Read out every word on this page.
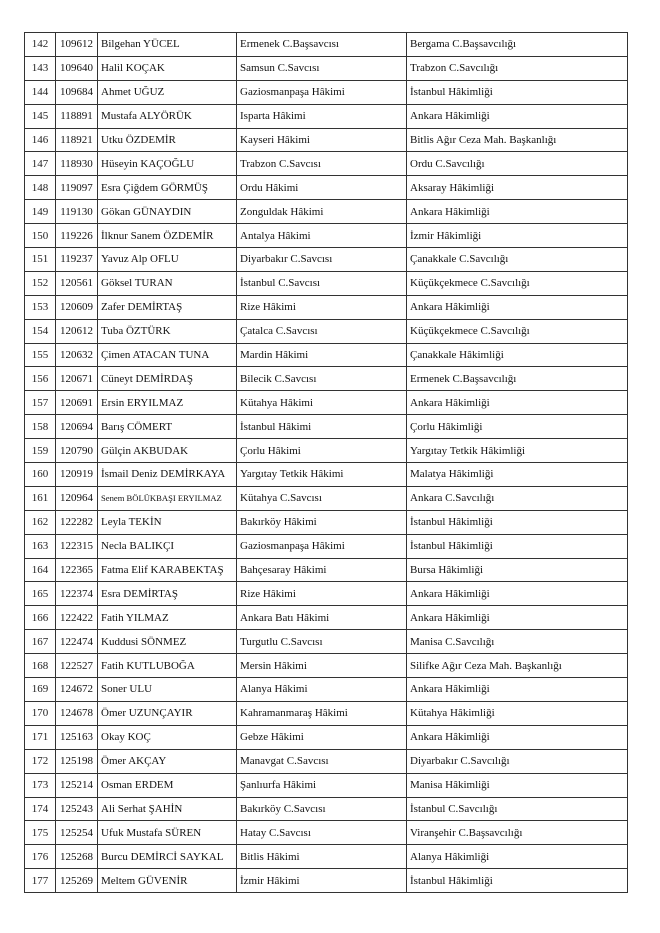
142	109612	Bilgehan YÜCEL	Ermenek C.Başsavcısı	Bergama C.Başsavcılığı
143	109640	Halil KOÇAK	Samsun C.Savcısı	Trabzon C.Savcılığı
144	109684	Ahmet UĞUZ	Gaziosmanpaşa Hâkimi	İstanbul Hâkimliği
145	118891	Mustafa ALYÖRÜK	Isparta Hâkimi	Ankara Hâkimliği
146	118921	Utku ÖZDEMİR	Kayseri Hâkimi	Bitlis Ağır Ceza Mah. Başkanlığı
147	118930	Hüseyin KAÇOĞLU	Trabzon C.Savcısı	Ordu C.Savcılığı
148	119097	Esra Çiğdem GÖRMÜŞ	Ordu Hâkimi	Aksaray Hâkimliği
149	119130	Gökan GÜNAYDIN	Zonguldak Hâkimi	Ankara Hâkimliği
150	119226	İlknur Sanem ÖZDEMİR	Antalya Hâkimi	İzmir Hâkimliği
151	119237	Yavuz Alp OFLU	Diyarbakır C.Savcısı	Çanakkale C.Savcılığı
152	120561	Göksel TURAN	İstanbul C.Savcısı	Küçükçekmece C.Savcılığı
153	120609	Zafer DEMİRTAŞ	Rize Hâkimi	Ankara Hâkimliği
154	120612	Tuba ÖZTÜRK	Çatalca C.Savcısı	Küçükçekmece C.Savcılığı
155	120632	Çimen ATACAN TUNA	Mardin Hâkimi	Çanakkale Hâkimliği
156	120671	Cüneyt DEMİRDAŞ	Bilecik C.Savcısı	Ermenek C.Başsavcılığı
157	120691	Ersin ERYILMAZ	Kütahya Hâkimi	Ankara Hâkimliği
158	120694	Barış CÖMERT	İstanbul Hâkimi	Çorlu Hâkimliği
159	120790	Gülçin AKBUDAK	Çorlu Hâkimi	Yargıtay Tetkik Hâkimliği
160	120919	İsmail Deniz DEMİRKAYA	Yargıtay Tetkik Hâkimi	Malatya Hâkimliği
161	120964	Senem BÖLÜKBAŞI ERYILMAZ	Kütahya C.Savcısı	Ankara C.Savcılığı
162	122282	Leyla TEKİN	Bakırköy Hâkimi	İstanbul Hâkimliği
163	122315	Necla BALIKÇI	Gaziosmanpaşa Hâkimi	İstanbul Hâkimliği
164	122365	Fatma Elif KARABEKTAŞ	Bahçesaray Hâkimi	Bursa Hâkimliği
165	122374	Esra DEMİRTAŞ	Rize Hâkimi	Ankara Hâkimliği
166	122422	Fatih YILMAZ	Ankara Batı Hâkimi	Ankara Hâkimliği
167	122474	Kuddusi SÖNMEZ	Turgutlu C.Savcısı	Manisa C.Savcılığı
168	122527	Fatih KUTLUBOĞA	Mersin Hâkimi	Silifke Ağır Ceza Mah. Başkanlığı
169	124672	Soner ULU	Alanya Hâkimi	Ankara Hâkimliği
170	124678	Ömer UZUNÇAYIR	Kahramanmaraş Hâkimi	Kütahya Hâkimliği
171	125163	Okay KOÇ	Gebze Hâkimi	Ankara Hâkimliği
172	125198	Ömer AKÇAY	Manavgat C.Savcısı	Diyarbakır C.Savcılığı
173	125214	Osman ERDEM	Şanlıurfa Hâkimi	Manisa Hâkimliği
174	125243	Ali Serhat ŞAHİN	Bakırköy C.Savcısı	İstanbul C.Savcılığı
175	125254	Ufuk Mustafa SÜREN	Hatay C.Savcısı	Viranşehir C.Başsavcılığı
176	125268	Burcu DEMİRCİ SAYKAL	Bitlis Hâkimi	Alanya Hâkimliği
177	125269	Meltem GÜVENİR	İzmir Hâkimi	İstanbul Hâkimliği
